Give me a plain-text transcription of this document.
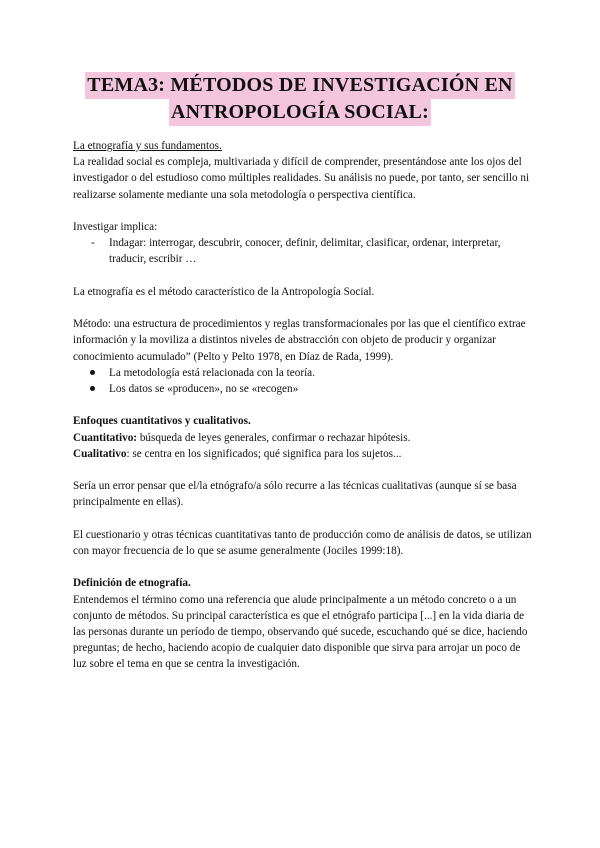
TEMA3: MÉTODOS DE INVESTIGACIÓN EN
ANTROPOLOGÍA SOCIAL:

La etnografía y sus fundamentos.

La realidad social es compleja, multivariada y difícil de comprender, presentándose ante los ojos del investigador o del estudioso como múltiples realidades. Su análisis no puede, por tanto, ser sencillo ni realizarse solamente mediante una sola metodología o perspectiva científica.

Investigar implica:

- Indagar: interrogar, descubrir, conocer, definir, delimitar, clasificar, ordenar, interpretar, traducir, escribir …

La etnografía es el método característico de la Antropología Social.

Método: una estructura de procedimientos y reglas transformacionales por las que el científico extrae información y la moviliza a distintos niveles de abstracción con objeto de producir y organizar conocimiento acumulado” (Pelto y Pelto 1978, en Díaz de Rada, 1999).

La metodología está relacionada con la teoría.
Los datos se «producen», no se «recogen»

Enfoques cuantitativos y cualitativos.

Cuantitativo: búsqueda de leyes generales, confirmar o rechazar hipótesis.

Cualitativo: se centra en los significados; qué significa para los sujetos...

Sería un error pensar que el/la etnógrafo/a sólo recurre a las técnicas cualitativas (aunque sí se basa principalmente en ellas).

El cuestionario y otras técnicas cuantitativas tanto de producción como de análisis de datos, se utilizan con mayor frecuencia de lo que se asume generalmente (Jociles 1999:18).

Definición de etnografía.

Entendemos el término como una referencia que alude principalmente a un método concreto o a un conjunto de métodos. Su principal característica es que el etnógrafo participa [...] en la vida diaria de las personas durante un período de tiempo, observando qué sucede, escuchando qué se dice, haciendo preguntas; de hecho, haciendo acopio de cualquier dato disponible que sirva para arrojar un poco de luz sobre el tema en que se centra la investigación.
